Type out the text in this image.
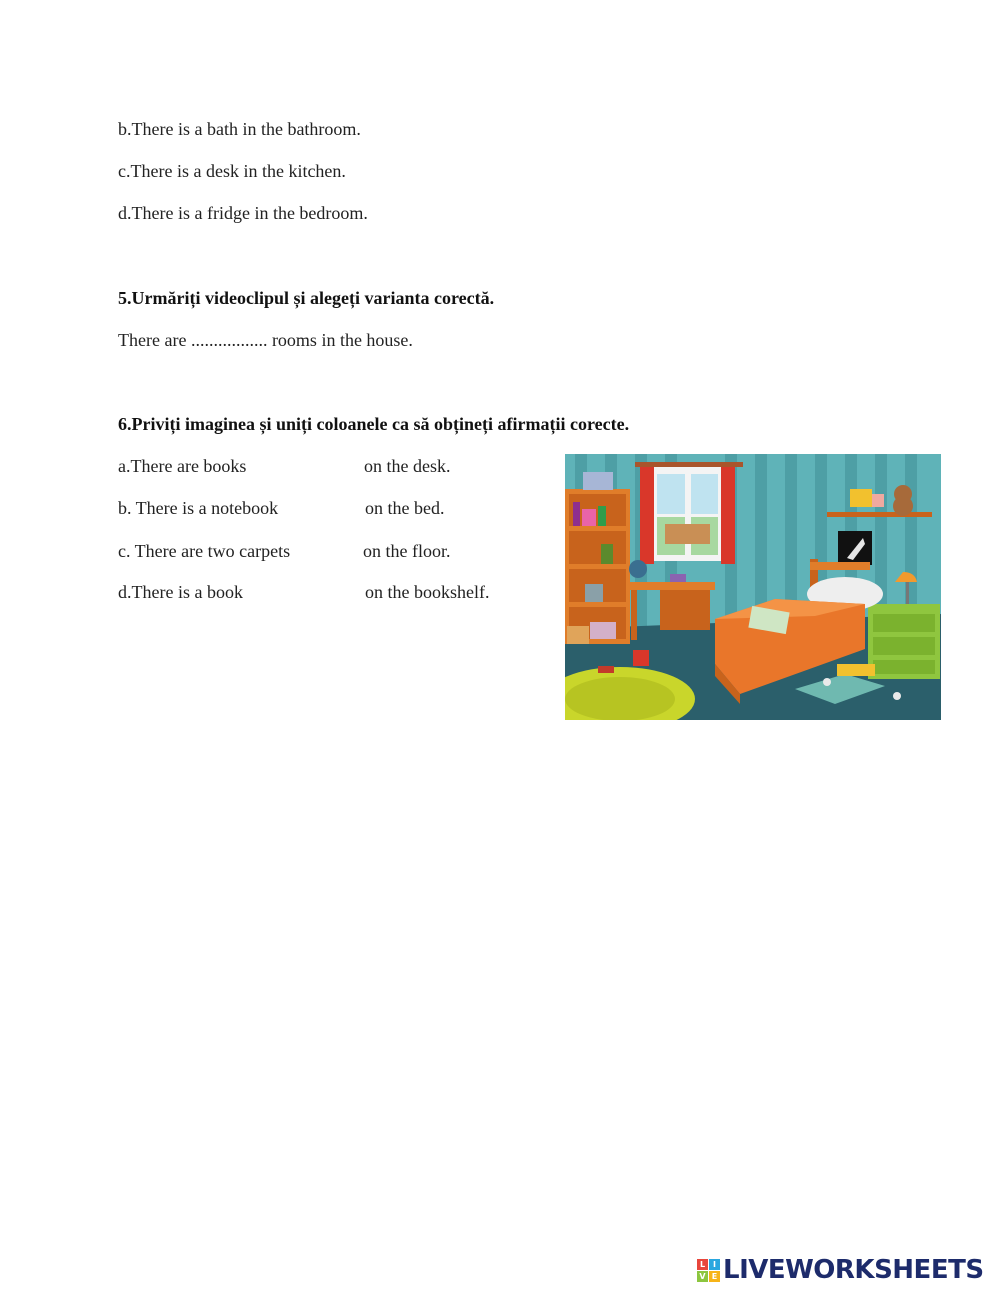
b.There is a bath in the bathroom.
c.There is a desk in the kitchen.
d.There is a fridge in the bedroom.
5.Urmăriți videoclipul și alegeți varianta corectă.
There are ................. rooms in the house.
6.Priviți imaginea și uniți coloanele ca să obțineți afirmații corecte.
a.There are books
b. There is a notebook
c. There are two carpets
d.There is a book
on the desk.
on the bed.
on the floor.
on the bookshelf.
L I
V E LIVEWORKSHEETS
